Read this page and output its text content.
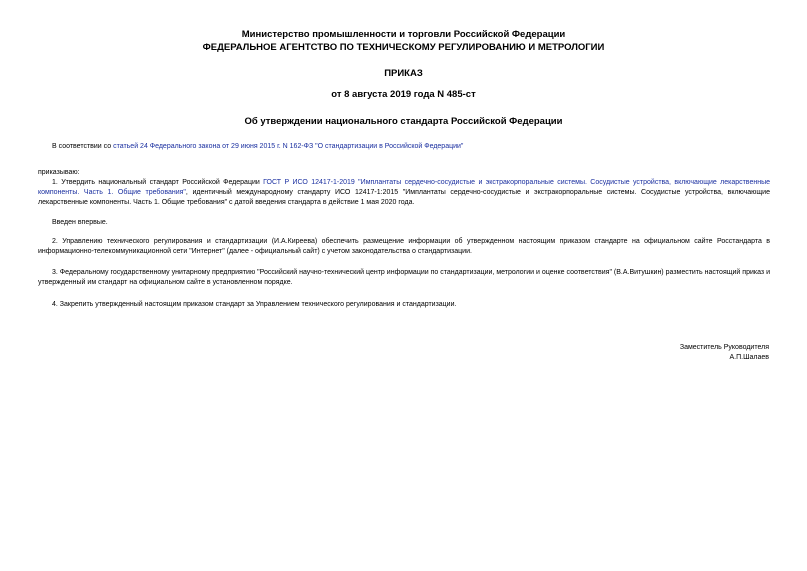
Министерство промышленности и торговли Российской Федерации
ФЕДЕРАЛЬНОЕ АГЕНТСТВО ПО ТЕХНИЧЕСКОМУ РЕГУЛИРОВАНИЮ И МЕТРОЛОГИИ
ПРИКАЗ
от 8 августа 2019 года N 485-ст
Об утверждении национального стандарта Российской Федерации
В соответствии со статьей 24 Федерального закона от 29 июня 2015 г. N 162-ФЗ "О стандартизации в Российской Федерации"
приказываю:
1. Утвердить национальный стандарт Российской Федерации ГОСТ Р ИСО 12417-1-2019 "Имплантаты сердечно-сосудистые и экстракорпоральные системы. Сосудистые устройства, включающие лекарственные компоненты. Часть 1. Общие требования", идентичный международному стандарту ИСО 12417-1:2015 "Имплантаты сердечно-сосудистые и экстракорпоральные системы. Сосудистые устройства, включающие лекарственные компоненты. Часть 1. Общие требования" с датой введения стандарта в действие 1 мая 2020 года.
Введен впервые.
2. Управлению технического регулирования и стандартизации (И.А.Киреева) обеспечить размещение информации об утвержденном настоящим приказом стандарте на официальном сайте Росстандарта в информационно-телекоммуникационной сети "Интернет" (далее - официальный сайт) с учетом законодательства о стандартизации.
3. Федеральному государственному унитарному предприятию "Российский научно-технический центр информации по стандартизации, метрологии и оценке соответствия" (В.А.Витушкин) разместить настоящий приказ и утвержденный им стандарт на официальном сайте в установленном порядке.
4. Закрепить утвержденный настоящим приказом стандарт за Управлением технического регулирования и стандартизации.
Заместитель Руководителя
А.П.Шалаев
